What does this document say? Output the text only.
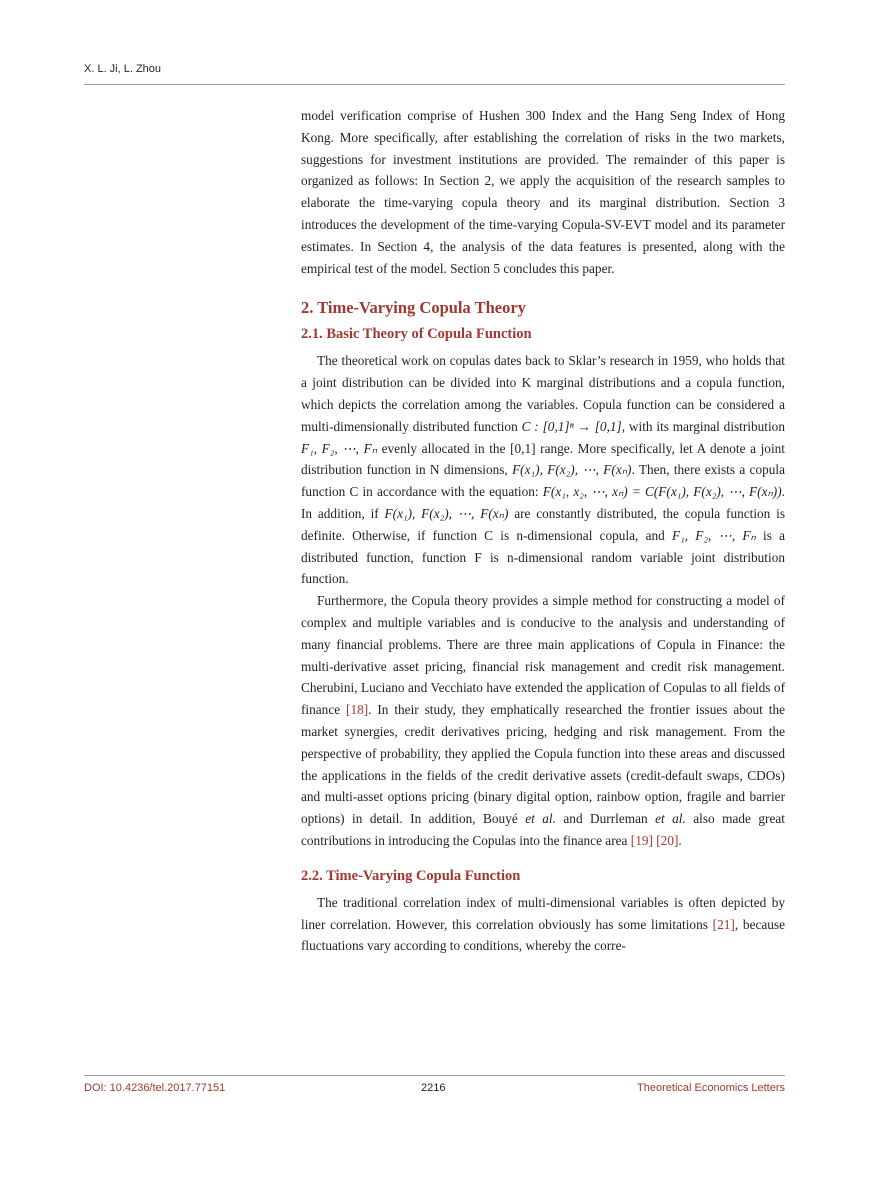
X. L. Ji, L. Zhou

model verification comprise of Hushen 300 Index and the Hang Seng Index of Hong Kong. More specifically, after establishing the correlation of risks in the two markets, suggestions for investment institutions are provided. The remainder of this paper is organized as follows: In Section 2, we apply the acquisition of the research samples to elaborate the time-varying copula theory and its marginal distribution. Section 3 introduces the development of the time-varying Copula-SV-EVT model and its parameter estimates. In Section 4, the analysis of the data features is presented, along with the empirical test of the model. Section 5 concludes this paper.

2. Time-Varying Copula Theory
2.1. Basic Theory of Copula Function

The theoretical work on copulas dates back to Sklar’s research in 1959, who holds that a joint distribution can be divided into K marginal distributions and a copula function, which depicts the correlation among the variables. Copula function can be considered a multi-dimensionally distributed function C : [0,1]ⁿ → [0,1], with its marginal distribution F₁, F₂, ⋯, Fₙ evenly allocated in the [0,1] range. More specifically, let A denote a joint distribution function in N dimensions, F(x₁), F(x₂), ⋯, F(xₙ). Then, there exists a copula function C in accordance with the equation: F(x₁, x₂, ⋯, xₙ) = C(F(x₁), F(x₂), ⋯, F(xₙ)). In addition, if F(x₁), F(x₂), ⋯, F(xₙ) are constantly distributed, the copula function is definite. Otherwise, if function C is n-dimensional copula, and F₁, F₂, ⋯, Fₙ is a distributed function, function F is n-dimensional random variable joint distribution function.

Furthermore, the Copula theory provides a simple method for constructing a model of complex and multiple variables and is conducive to the analysis and understanding of many financial problems. There are three main applications of Copula in Finance: the multi-derivative asset pricing, financial risk management and credit risk management. Cherubini, Luciano and Vecchiato have extended the application of Copulas to all fields of finance [18]. In their study, they emphatically researched the frontier issues about the market synergies, credit derivatives pricing, hedging and risk management. From the perspective of probability, they applied the Copula function into these areas and discussed the applications in the fields of the credit derivative assets (credit-default swaps, CDOs) and multi-asset options pricing (binary digital option, rainbow option, fragile and barrier options) in detail. In addition, Bouyé et al. and Durrleman et al. also made great contributions in introducing the Copulas into the finance area [19] [20].

2.2. Time-Varying Copula Function

The traditional correlation index of multi-dimensional variables is often depicted by liner correlation. However, this correlation obviously has some limitations [21], because fluctuations vary according to conditions, whereby the corre-

DOI: 10.4236/tel.2017.77151	2216	Theoretical Economics Letters
